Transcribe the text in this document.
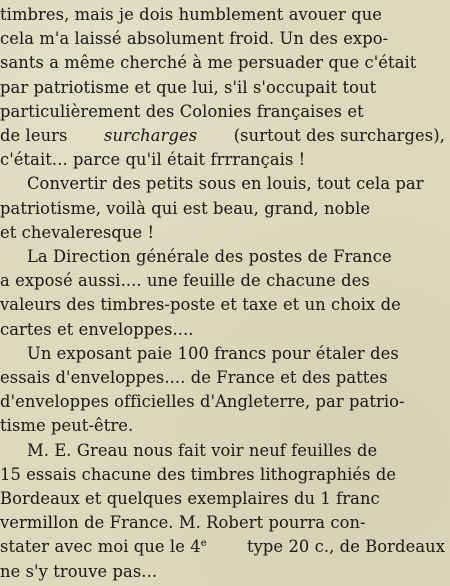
timbres, mais je dois humblement avouer que
cela m'a laissé absolument froid. Un des expo-
sants a même cherché à me persuader que c'était
par patriotisme et que lui, s'il s'occupait tout
particulièrement des Colonies françaises et
de leurs surcharges (surtout des surcharges),
c'était... parce qu'il était frrrançais !
Convertir des petits sous en louis, tout cela par
patriotisme, voilà qui est beau, grand, noble
et chevaleresque !
La Direction générale des postes de France
a exposé aussi.... une feuille de chacune des
valeurs des timbres-poste et taxe et un choix de
cartes et enveloppes....
Un exposant paie 100 francs pour étaler des
essais d'enveloppes.... de France et des pattes
d'enveloppes officielles d'Angleterre, par patrio-
tisme peut-être.
M. E. Greau nous fait voir neuf feuilles de
15 essais chacune des timbres lithographiés de
Bordeaux et quelques exemplaires du 1 franc
vermillon de France. M. Robert pourra con-
stater avec moi que le 4e type 20 c., de Bordeaux
ne s'y trouve pas...
